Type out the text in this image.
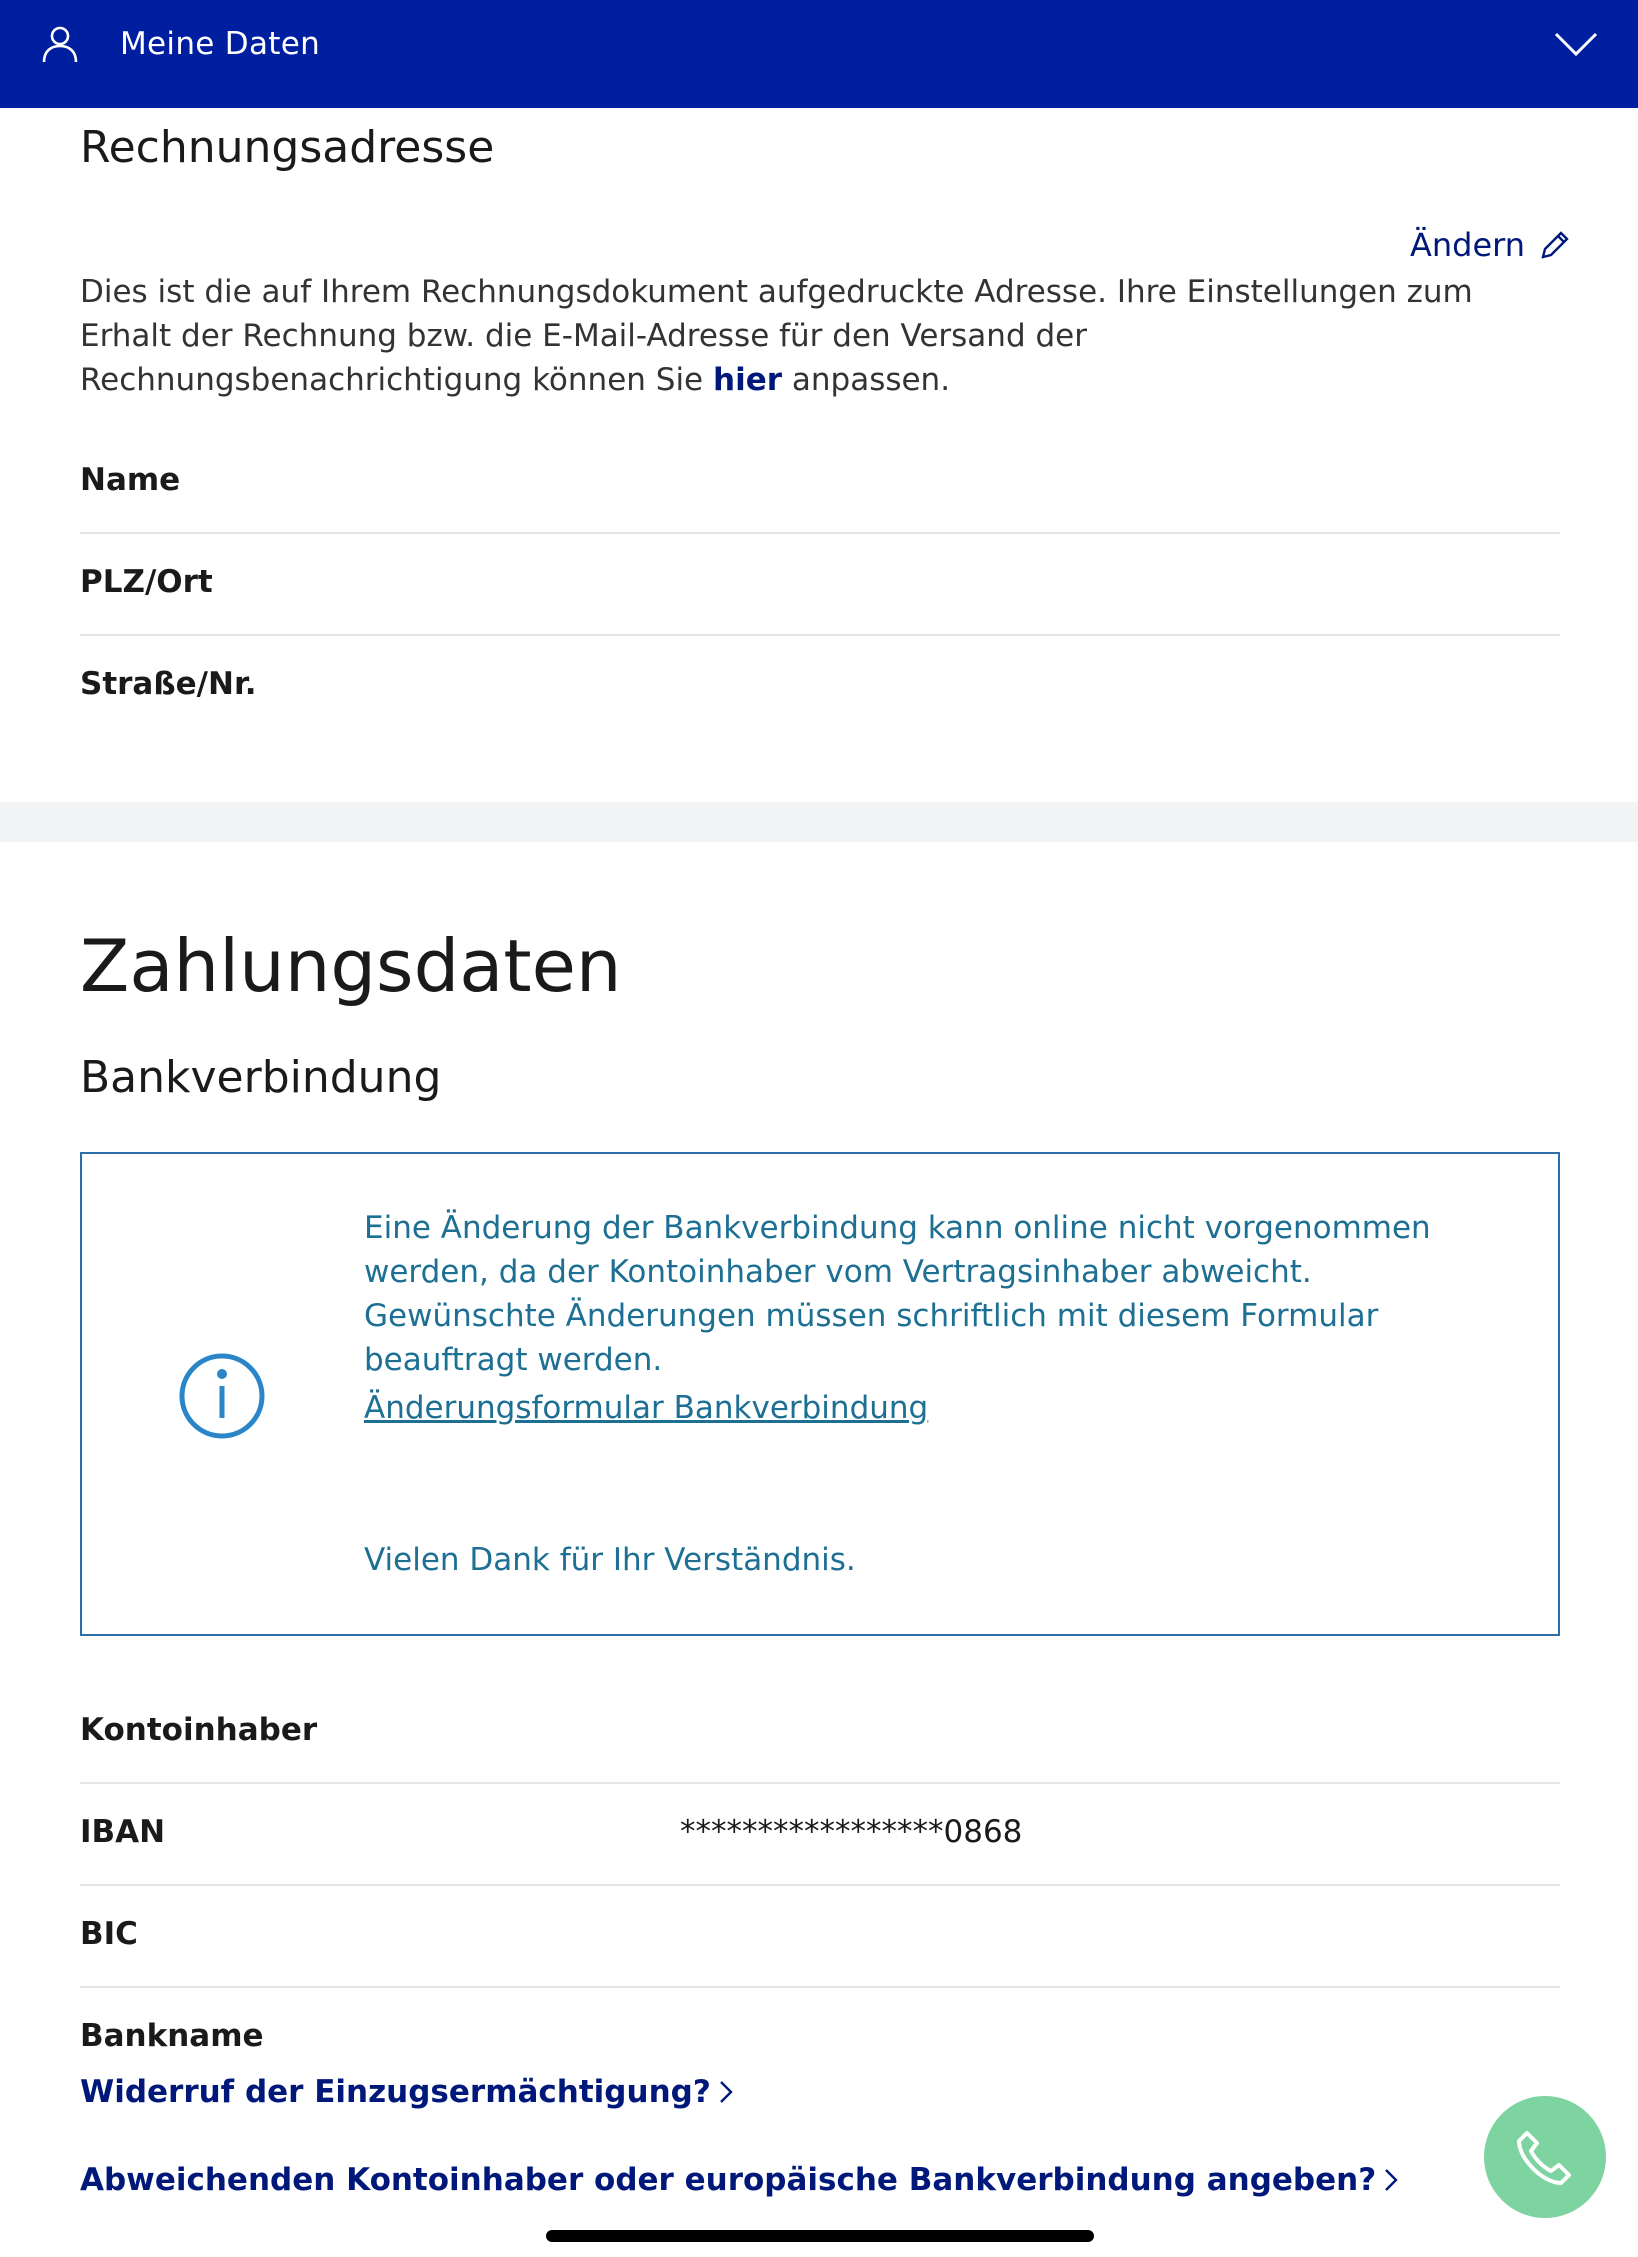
Meine Daten
Rechnungsadresse
Ändern
Dies ist die auf Ihrem Rechnungsdokument aufgedruckte Adresse. Ihre Einstellungen zum Erhalt der Rechnung bzw. die E-Mail-Adresse für den Versand der Rechnungsbenachrichtigung können Sie hier anpassen.
Name
PLZ/Ort
Straße/Nr.
Zahlungsdaten
Bankverbindung
Eine Änderung der Bankverbindung kann online nicht vorgenommen werden, da der Kontoinhaber vom Vertragsinhaber abweicht.
Gewünschte Änderungen müssen schriftlich mit diesem Formular beauftragt werden.
Änderungsformular Bankverbindung
Vielen Dank für Ihr Verständnis.
Kontoinhaber
IBAN	*****************0868
BIC
Bankname
Widerruf der Einzugsermächtigung?
Abweichenden Kontoinhaber oder europäische Bankverbindung angeben?
